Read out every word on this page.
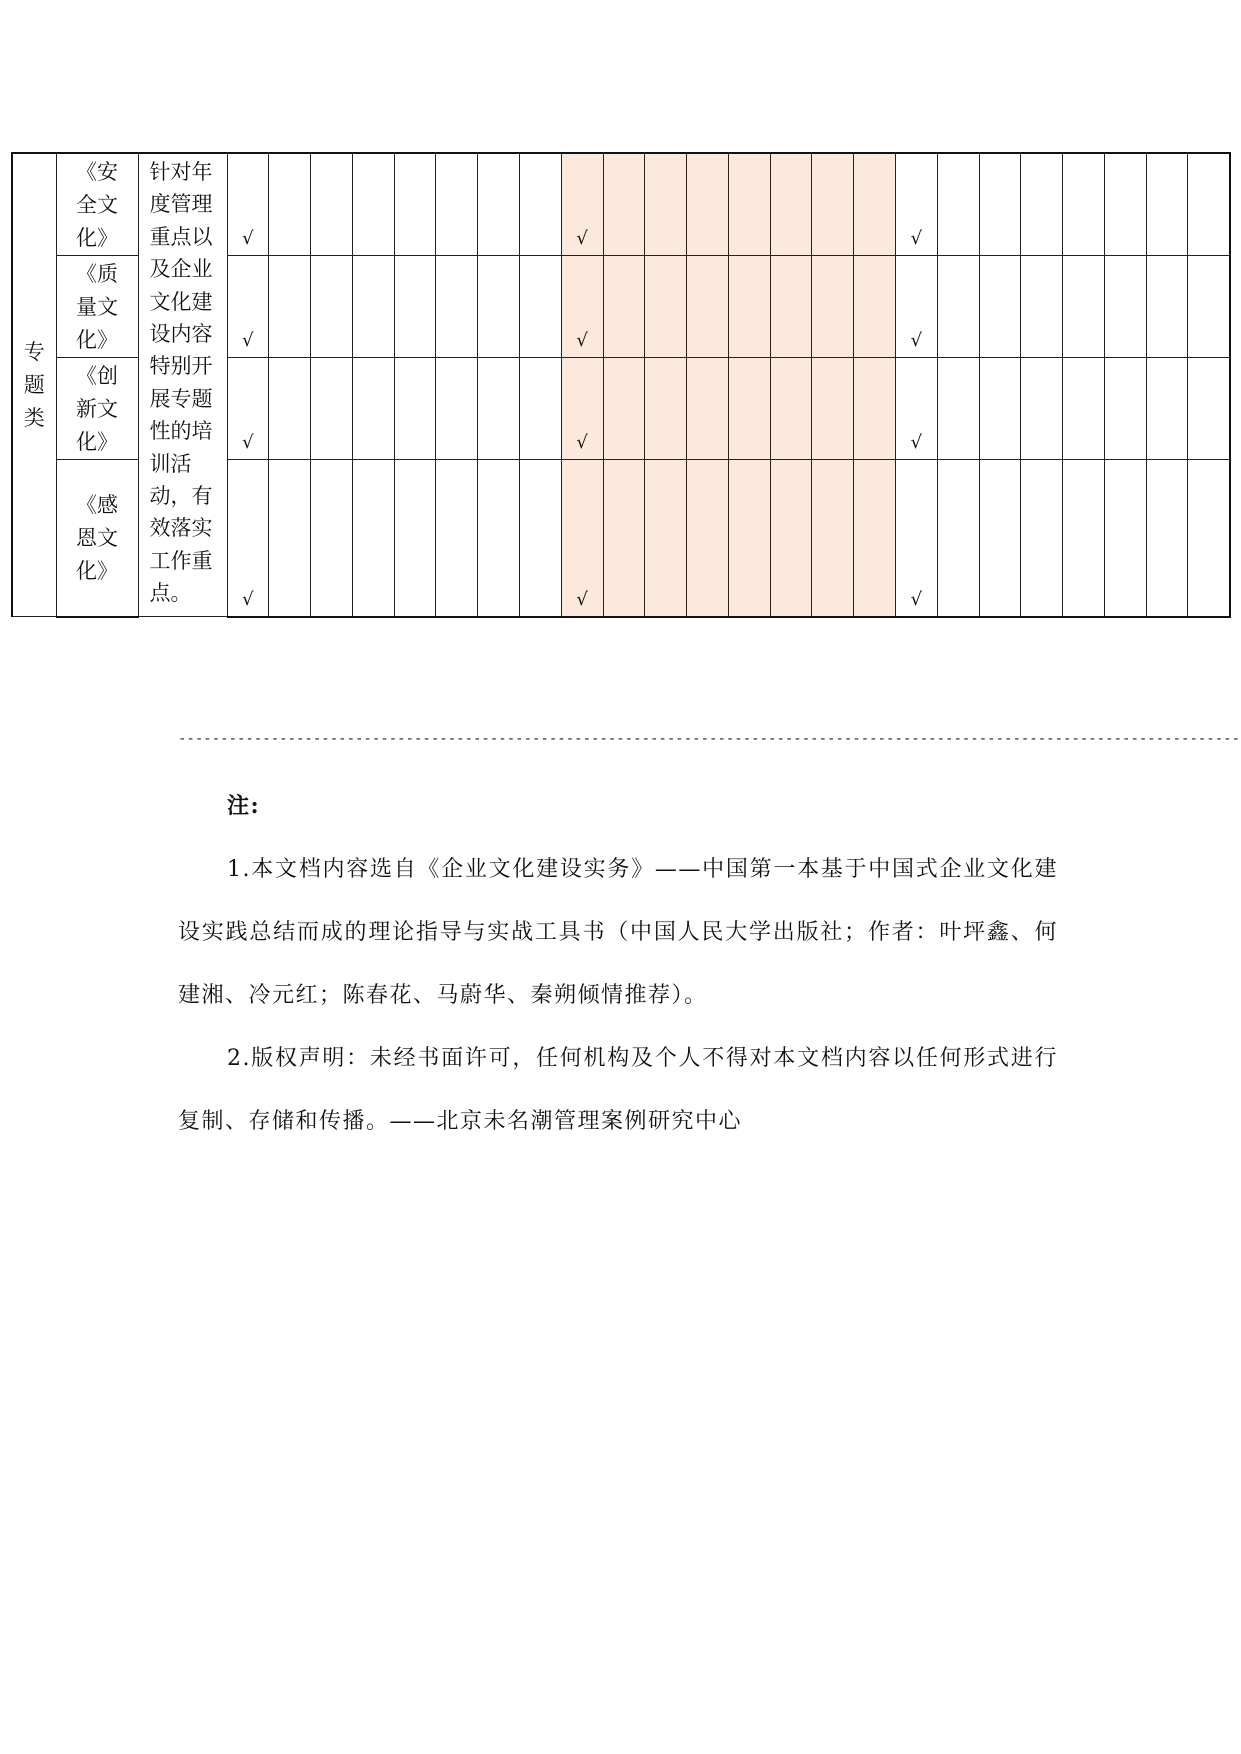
专题类	《安全文化》	针对年度管理重点以及企业文化建设内容特别开展专题性的培训活动，有效落实工作重点。	√								√								√							

	《质量文化》		√								√								√							

	《创新文化》		√								√								√							

	《感恩文化》		√								√								√							

------------------------------------------------------------------------------------------------------------------------------

注:

1.本文档内容选自《企业文化建设实务》——中国第一本基于中国式企业文化建设实践总结而成的理论指导与实战工具书（中国人民大学出版社；作者：叶坪鑫、何建湘、冷元红；陈春花、马蔚华、秦朔倾情推荐）。

2.版权声明：未经书面许可，任何机构及个人不得对本文档内容以任何形式进行复制、存储和传播。——北京未名潮管理案例研究中心
